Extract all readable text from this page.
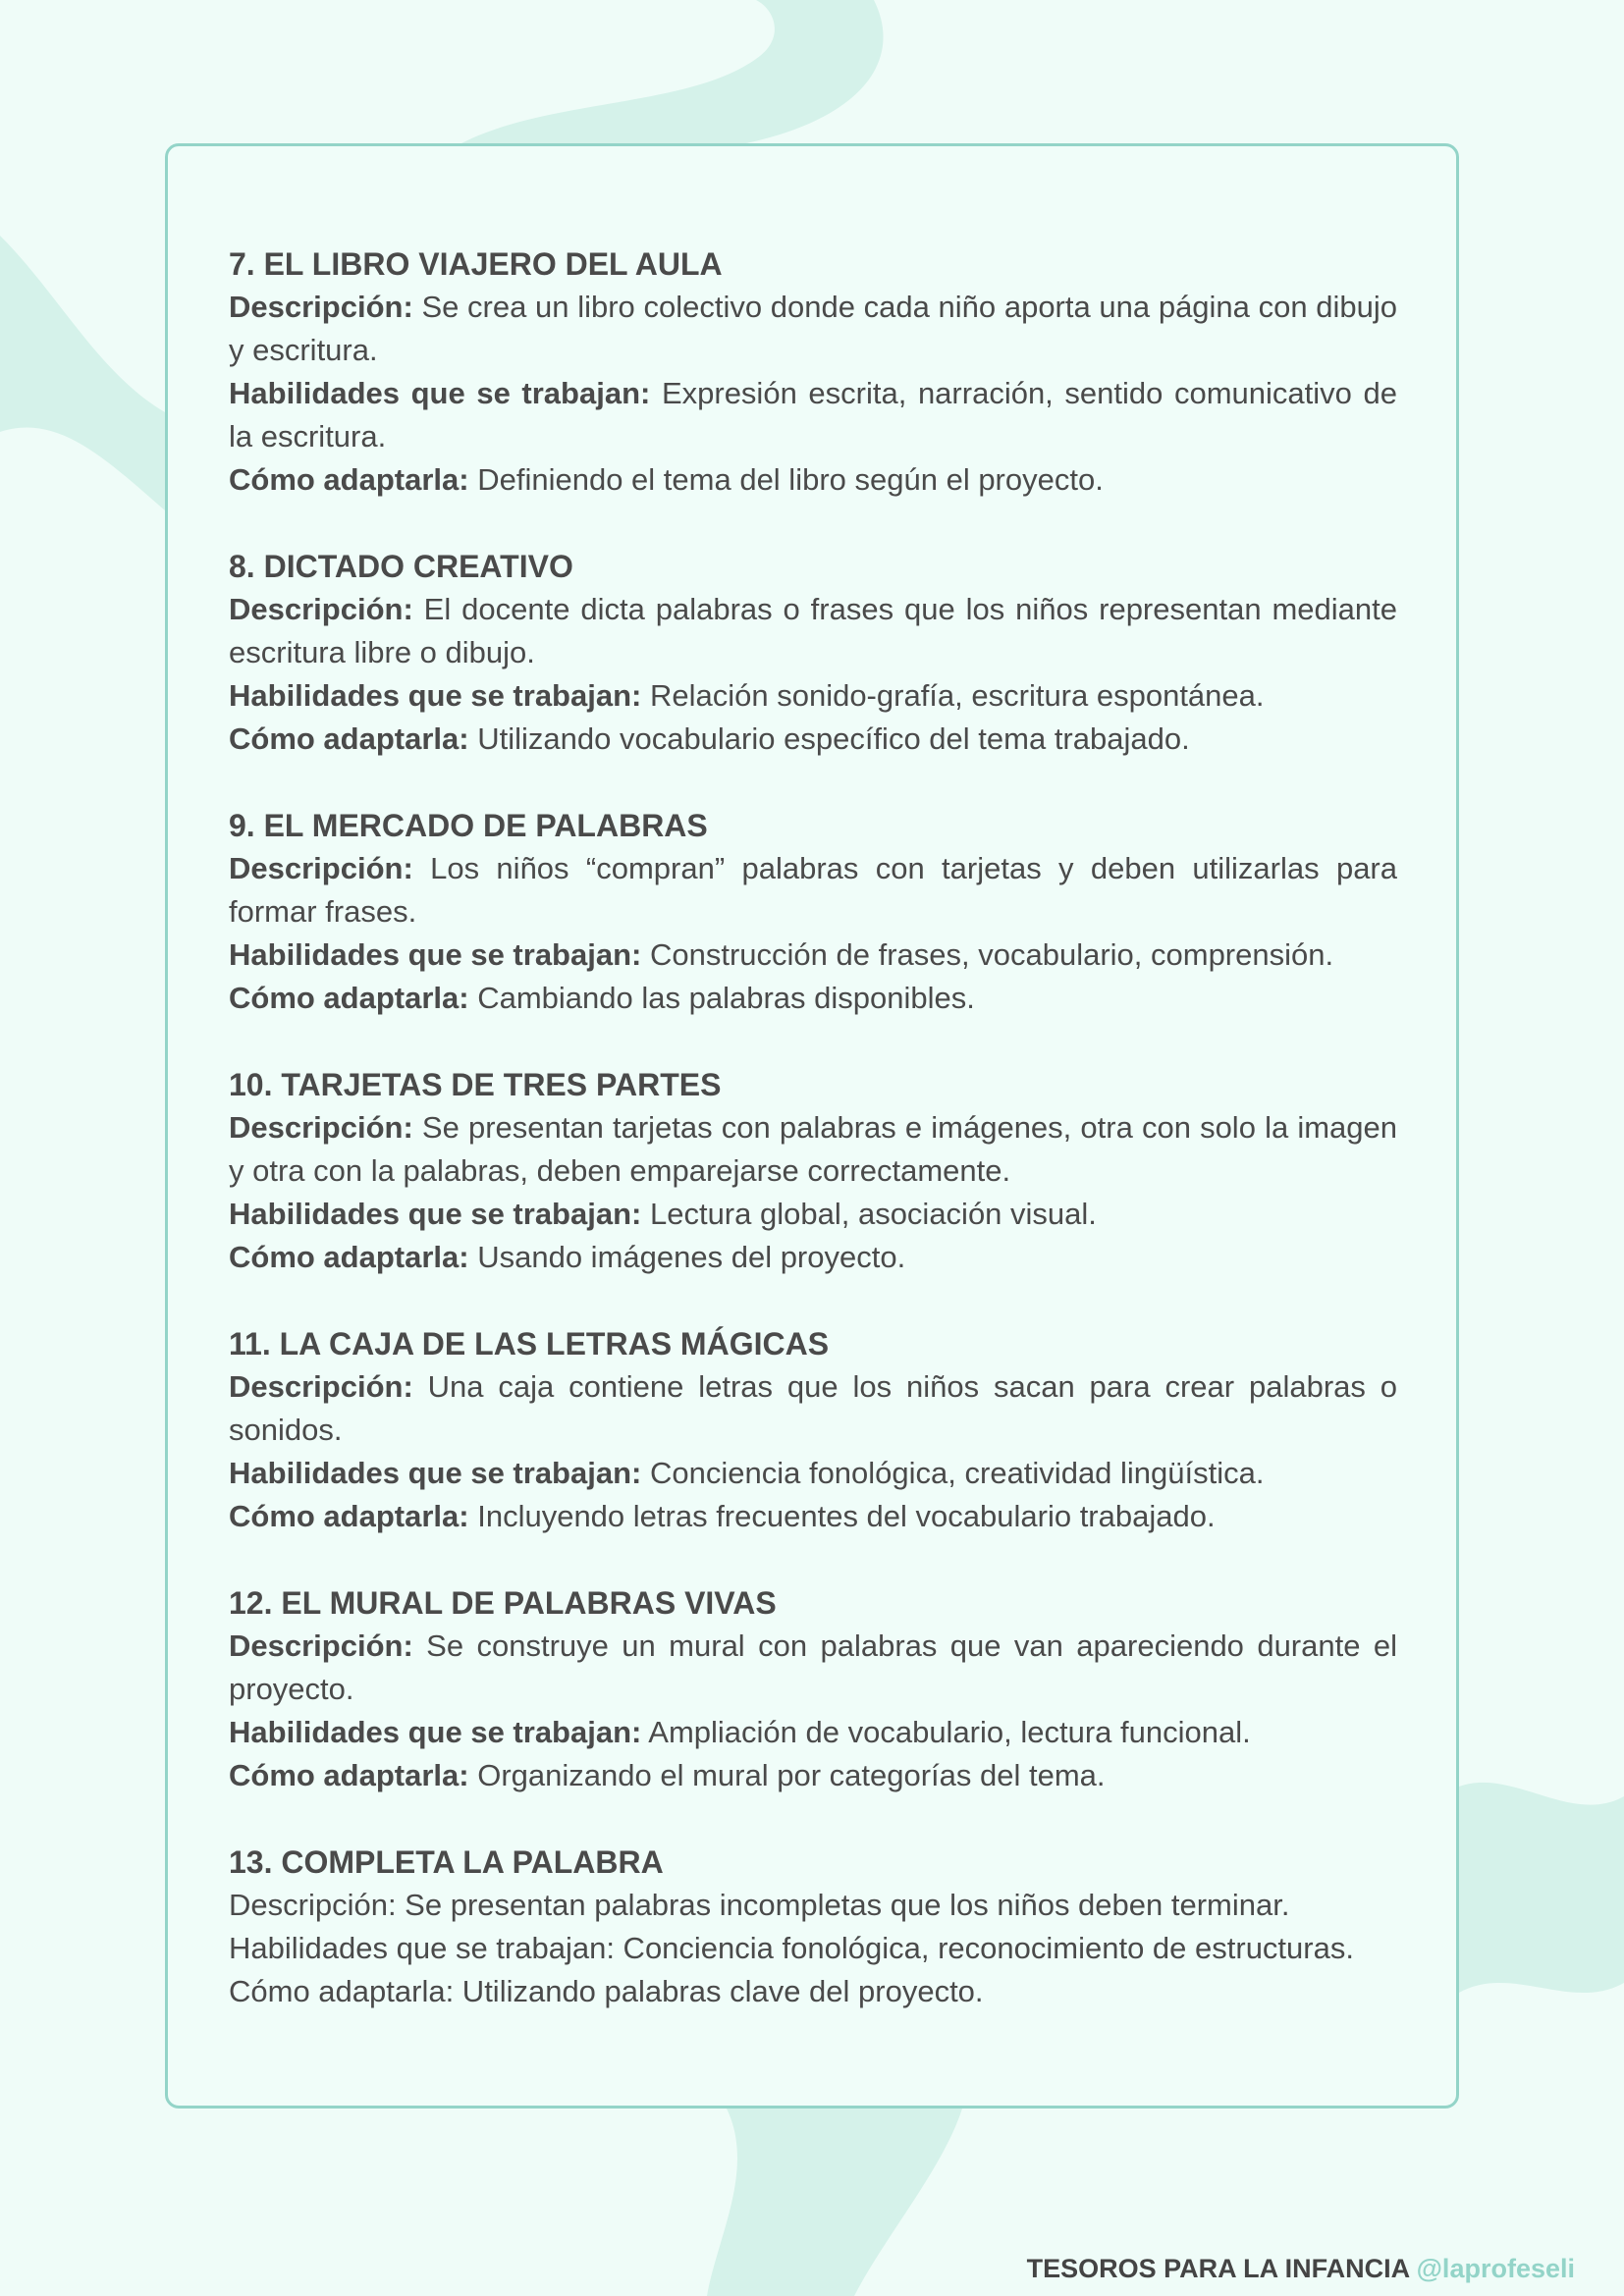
7. EL LIBRO VIAJERO DEL AULA

Descripción: Se crea un libro colectivo donde cada niño aporta una página con dibujo y escritura.

Habilidades que se trabajan: Expresión escrita, narración, sentido comunicativo de la escritura.

Cómo adaptarla: Definiendo el tema del libro según el proyecto.

8. DICTADO CREATIVO

Descripción: El docente dicta palabras o frases que los niños representan mediante escritura libre o dibujo.

Habilidades que se trabajan: Relación sonido-grafía, escritura espontánea.

Cómo adaptarla: Utilizando vocabulario específico del tema trabajado.

9. EL MERCADO DE PALABRAS

Descripción: Los niños “compran” palabras con tarjetas y deben utilizarlas para formar frases.

Habilidades que se trabajan: Construcción de frases, vocabulario, comprensión.

Cómo adaptarla: Cambiando las palabras disponibles.

10. TARJETAS DE TRES PARTES

Descripción: Se presentan tarjetas con palabras e imágenes, otra con solo la imagen y otra con la palabras, deben emparejarse correctamente.

Habilidades que se trabajan: Lectura global, asociación visual.

Cómo adaptarla: Usando imágenes del proyecto.

11. LA CAJA DE LAS LETRAS MÁGICAS

Descripción: Una caja contiene letras que los niños sacan para crear palabras o sonidos.

Habilidades que se trabajan: Conciencia fonológica, creatividad lingüística.

Cómo adaptarla: Incluyendo letras frecuentes del vocabulario trabajado.

12. EL MURAL DE PALABRAS VIVAS

Descripción: Se construye un mural con palabras que van apareciendo durante el proyecto.

Habilidades que se trabajan: Ampliación de vocabulario, lectura funcional.

Cómo adaptarla: Organizando el mural por categorías del tema.

13. COMPLETA LA PALABRA

Descripción: Se presentan palabras incompletas que los niños deben terminar.

Habilidades que se trabajan: Conciencia fonológica, reconocimiento de estructuras.

Cómo adaptarla: Utilizando palabras clave del proyecto.

TESOROS PARA LA INFANCIA @laprofeseli
